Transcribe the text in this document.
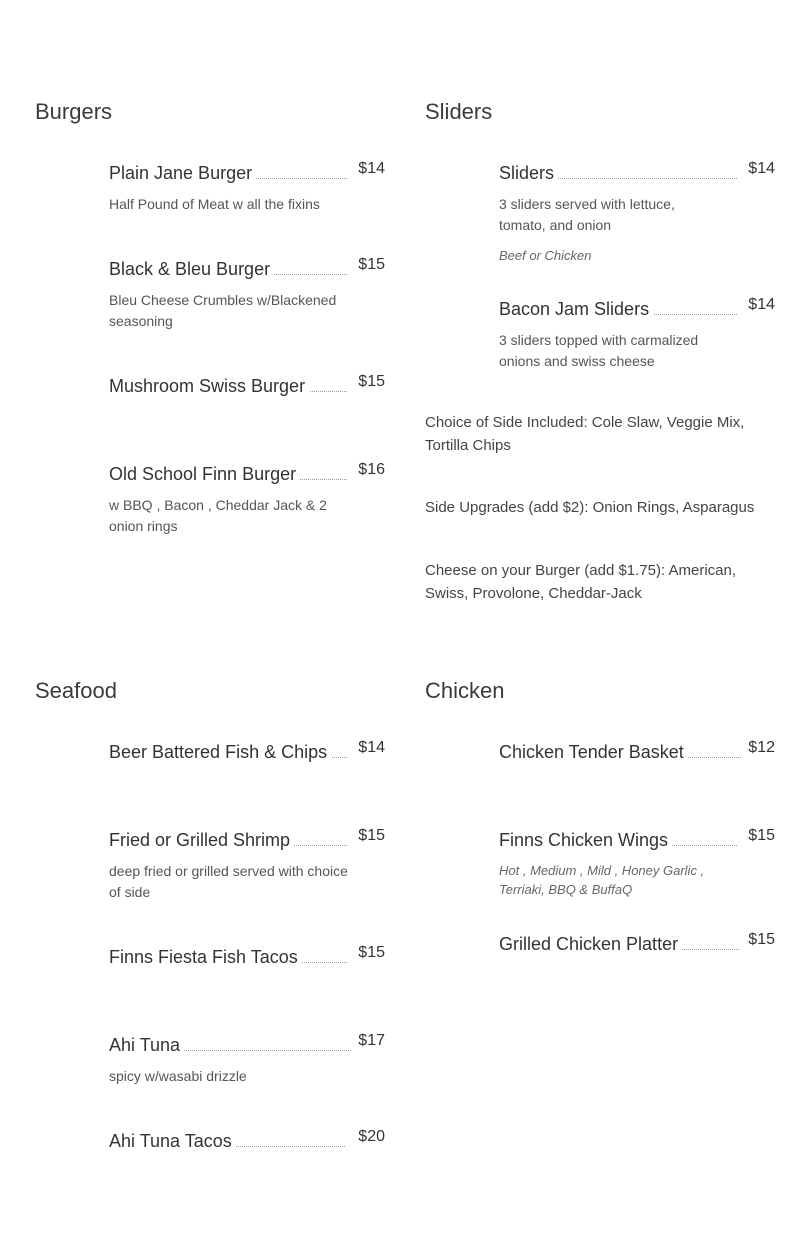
Burgers
Plain Jane Burger	$14
Half Pound of Meat w all the fixins
Black & Bleu Burger	$15
Bleu Cheese Crumbles w/Blackened seasoning
Mushroom Swiss Burger	$15
Old School Finn Burger	$16
w BBQ , Bacon , Cheddar Jack & 2 onion rings
Sliders
Sliders	$14
3 sliders served with lettuce, tomato, and onion
Beef or Chicken
Bacon Jam Sliders	$14
3 sliders topped with carmalized onions and swiss cheese
Choice of Side Included: Cole Slaw, Veggie Mix, Tortilla Chips
Side Upgrades (add $2): Onion Rings, Asparagus
Cheese on your Burger (add $1.75): American, Swiss, Provolone, Cheddar-Jack
Seafood
Beer Battered Fish & Chips $14
Fried or Grilled Shrimp	$15
deep fried or grilled served with choice of side
Finns Fiesta Fish Tacos	$15
Ahi Tuna	$17
spicy w/wasabi drizzle
Ahi Tuna Tacos	$20
Chicken
Chicken Tender Basket	$12
Finns Chicken Wings	$15
Hot , Medium , Mild , Honey Garlic , Terriaki, BBQ & BuffaQ
Grilled Chicken Platter	$15
